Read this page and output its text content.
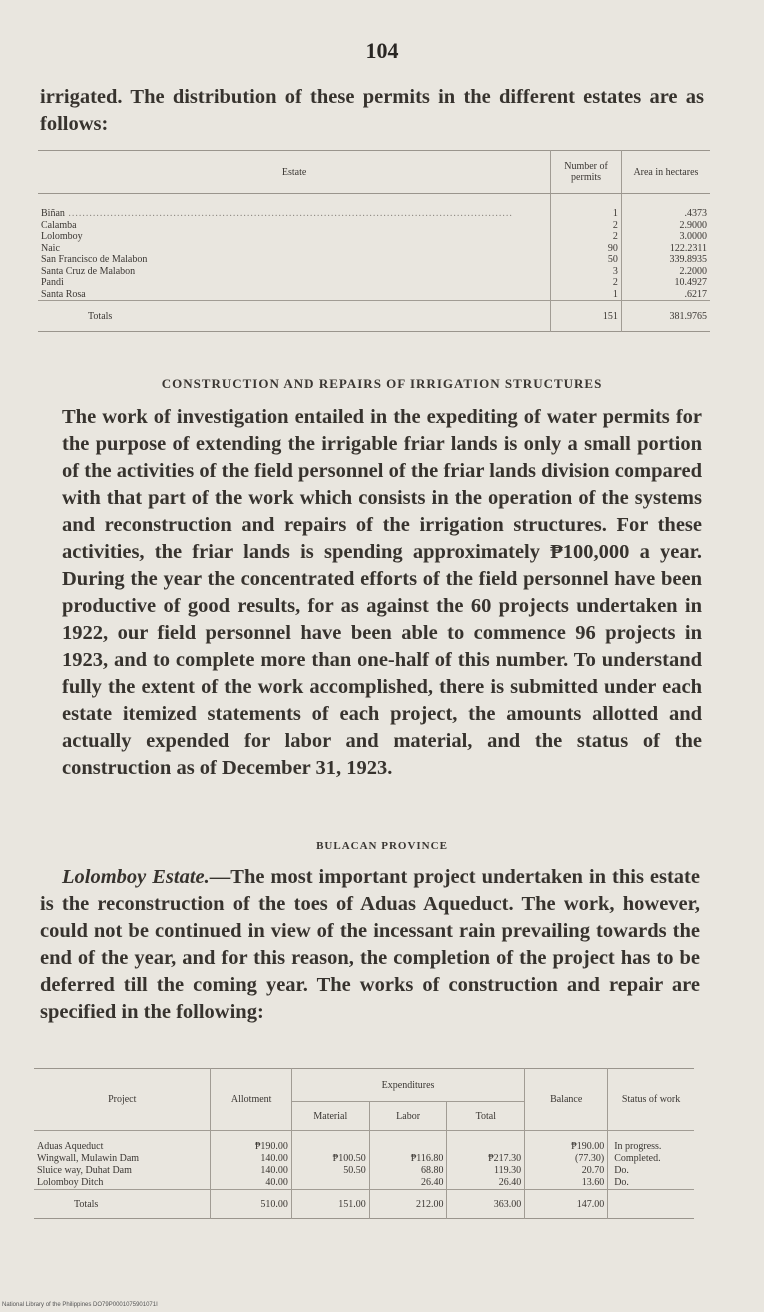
104
irrigated. The distribution of these permits in the different estates are as follows:
Estate	Number of permits	Area in hectares
Biñan .....	1	.4373
Calamba	2	2.9000
Lolomboy	2	3.0000
Naic	90	122.2311
San Francisco de Malabon	50	339.8935
Santa Cruz de Malabon	3	2.2000
Pandi	2	10.4927
Santa Rosa	1	.6217
Totals	151	381.9765
CONSTRUCTION AND REPAIRS OF IRRIGATION STRUCTURES
The work of investigation entailed in the expediting of water permits for the purpose of extending the irrigable friar lands is only a small portion of the activities of the field personnel of the friar lands division compared with that part of the work which consists in the operation of the systems and reconstruction and repairs of the irrigation structures. For these activities, the friar lands is spending approximately ₱100,000 a year. During the year the concentrated efforts of the field personnel have been productive of good results, for as against the 60 projects undertaken in 1922, our field personnel have been able to commence 96 projects in 1923, and to complete more than one-half of this number. To understand fully the extent of the work accomplished, there is submitted under each estate itemized statements of each project, the amounts allotted and actually expended for labor and material, and the status of the construction as of December 31, 1923.
BULACAN PROVINCE
Lolomboy Estate.—The most important project undertaken in this estate is the reconstruction of the toes of Aduas Aqueduct. The work, however, could not be continued in view of the incessant rain prevailing towards the end of the year, and for this reason, the completion of the project has to be deferred till the coming year. The works of construction and repair are specified in the following:
Project	Allotment	Expenditures			Balance	Status of work
		Material	Labor	Total		
Aduas Aqueduct	₱190.00				₱190.00	In progress.
Wingwall, Mulawin Dam	140.00	₱100.50	₱116.80	₱217.30	(77.30)	Completed.
Sluice way, Duhat Dam	140.00	50.50	68.80	119.30	20.70	Do.
Lolomboy Ditch	40.00		26.40	26.40	13.60	Do.
Totals	510.00	151.00	212.00	363.00	147.00	
National Library of the Philippines DO79P0001075901071I
